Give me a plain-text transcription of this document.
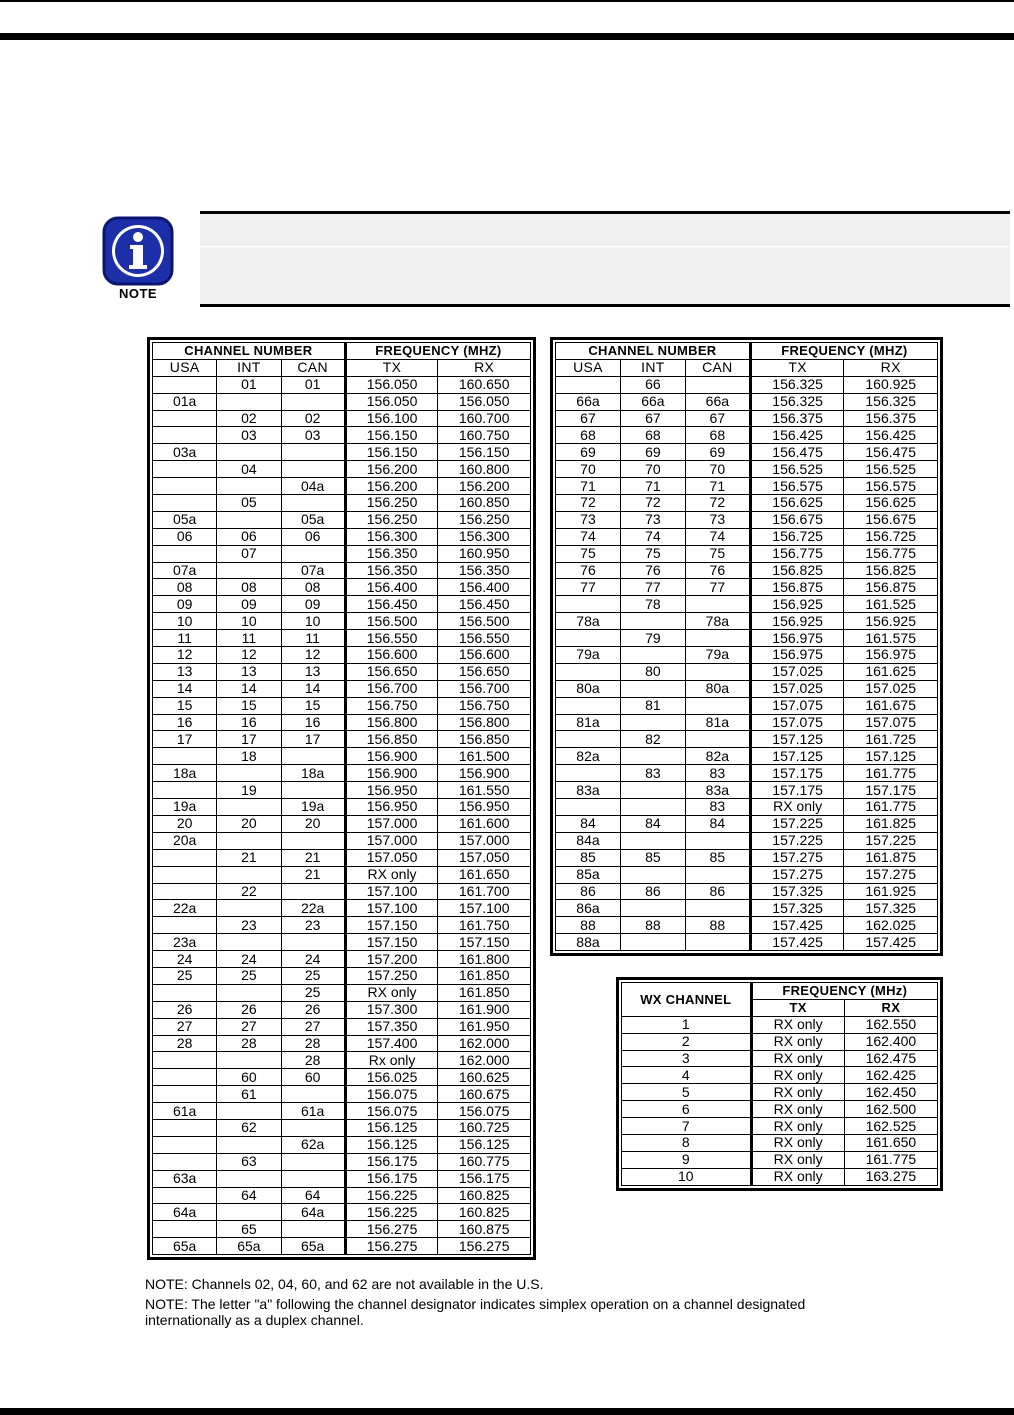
NOTE
CHANNEL NUMBER			FREQUENCY (MHZ)	
USA	INT	CAN	TX	RX
	01	01	156.050	160.650
01a			156.050	156.050
	02	02	156.100	160.700
	03	03	156.150	160.750
03a			156.150	156.150
	04		156.200	160.800
		04a	156.200	156.200
	05		156.250	160.850
05a		05a	156.250	156.250
06	06	06	156.300	156.300
	07		156.350	160.950
07a		07a	156.350	156.350
08	08	08	156.400	156.400
09	09	09	156.450	156.450
10	10	10	156.500	156.500
11	11	11	156.550	156.550
12	12	12	156.600	156.600
13	13	13	156.650	156.650
14	14	14	156.700	156.700
15	15	15	156.750	156.750
16	16	16	156.800	156.800
17	17	17	156.850	156.850
	18		156.900	161.500
18a		18a	156.900	156.900
	19		156.950	161.550
19a		19a	156.950	156.950
20	20	20	157.000	161.600
20a			157.000	157.000
	21	21	157.050	157.050
		21	RX only	161.650
	22		157.100	161.700
22a		22a	157.100	157.100
	23	23	157.150	161.750
23a			157.150	157.150
24	24	24	157.200	161.800
25	25	25	157.250	161.850
		25	RX only	161.850
26	26	26	157.300	161.900
27	27	27	157.350	161.950
28	28	28	157.400	162.000
		28	Rx only	162.000
	60	60	156.025	160.625
	61		156.075	160.675
61a		61a	156.075	156.075
	62		156.125	160.725
		62a	156.125	156.125
	63		156.175	160.775
63a			156.175	156.175
	64	64	156.225	160.825
64a		64a	156.225	160.825
	65		156.275	160.875
65a	65a	65a	156.275	156.275
CHANNEL NUMBER			FREQUENCY (MHZ)	
USA	INT	CAN	TX	RX
	66		156.325	160.925
66a	66a	66a	156.325	156.325
67	67	67	156.375	156.375
68	68	68	156.425	156.425
69	69	69	156.475	156.475
70	70	70	156.525	156.525
71	71	71	156.575	156.575
72	72	72	156.625	156.625
73	73	73	156.675	156.675
74	74	74	156.725	156.725
75	75	75	156.775	156.775
76	76	76	156.825	156.825
77	77	77	156.875	156.875
	78		156.925	161.525
78a		78a	156.925	156.925
	79		156.975	161.575
79a		79a	156.975	156.975
	80		157.025	161.625
80a		80a	157.025	157.025
	81		157.075	161.675
81a		81a	157.075	157.075
	82		157.125	161.725
82a		82a	157.125	157.125
	83	83	157.175	161.775
83a		83a	157.175	157.175
		83	RX only	161.775
84	84	84	157.225	161.825
84a			157.225	157.225
85	85	85	157.275	161.875
85a			157.275	157.275
86	86	86	157.325	161.925
86a			157.325	157.325
88	88	88	157.425	162.025
88a			157.425	157.425
WX CHANNEL	FREQUENCY (MHz)	
	TX	RX
1	RX only	162.550
2	RX only	162.400
3	RX only	162.475
4	RX only	162.425
5	RX only	162.450
6	RX only	162.500
7	RX only	162.525
8	RX only	161.650
9	RX only	161.775
10	RX only	163.275
NOTE: Channels 02, 04, 60, and 62 are not available in the U.S.
NOTE: The letter "a" following the channel designator indicates simplex operation on a channel designated internationally as a duplex channel.
